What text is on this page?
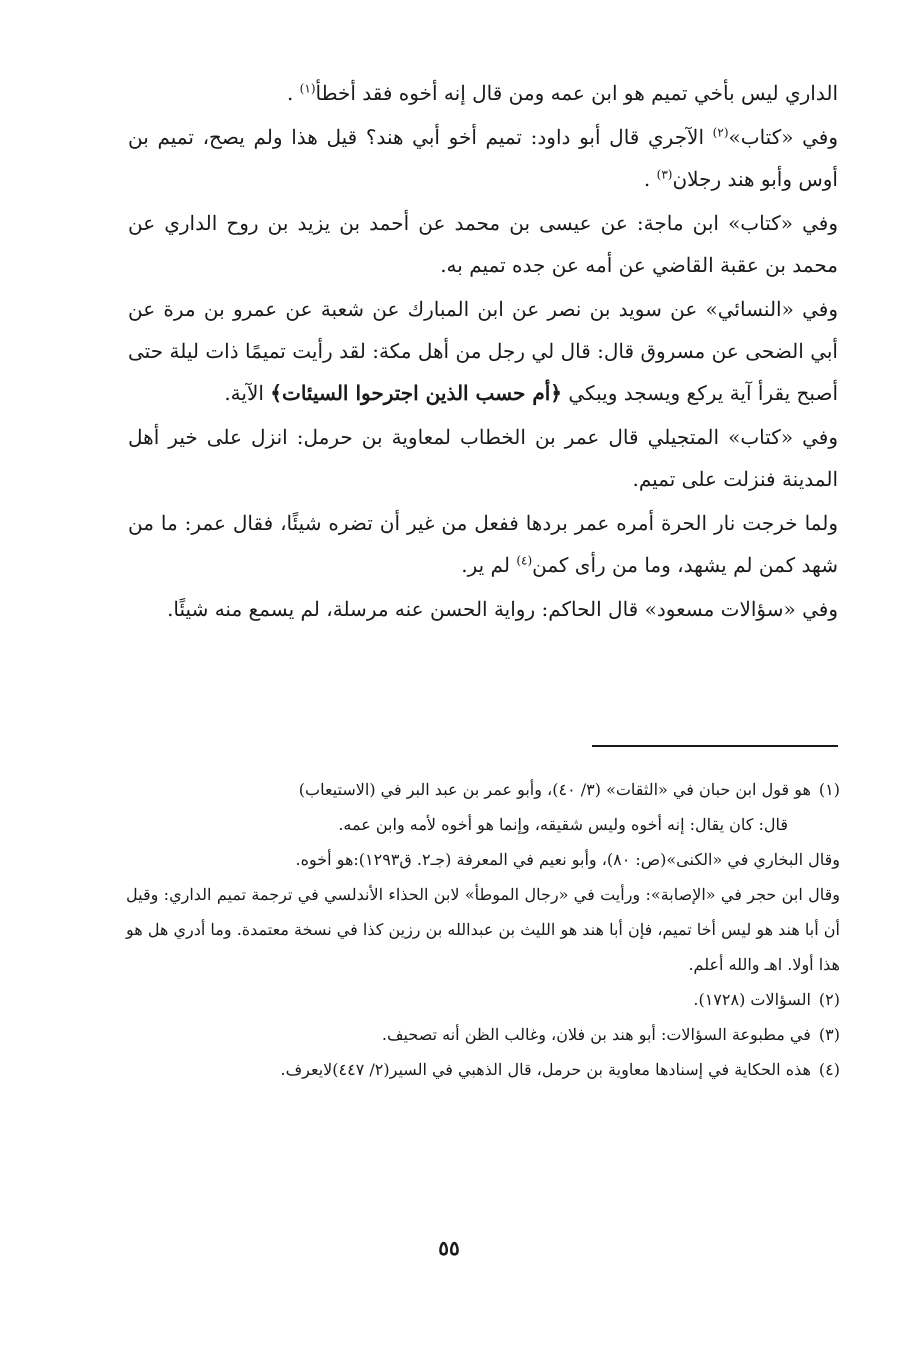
الداري ليس بأخي تميم هو ابن عمه ومن قال إنه أخوه فقد أخطأ$^{(١)}$ .

وفي «كتاب»$^{(٢)}$ الآجري قال أبو داود: تميم أخو أبي هند؟ قيل هذا ولم يصح، تميم بن أوس وأبو هند رجلان$^{(٣)}$ .

وفي «كتاب» ابن ماجة: عن عيسى بن محمد عن أحمد بن يزيد بن روح الداري عن محمد بن عقبة القاضي عن أمه عن جده تميم به.

وفي «النسائي» عن سويد بن نصر عن ابن المبارك عن شعبة عن عمرو بن مرة عن أبي الضحى عن مسروق قال: قال لي رجل من أهل مكة: لقد رأيت تميمًا ذات ليلة حتى أصبح يقرأ آية يركع ويسجد ويبكي ﴿أم حسب الذين اجترحوا السيئات﴾ الآية.

وفي «كتاب» المتجيلي قال عمر بن الخطاب لمعاوية بن حرمل: انزل على خير أهل المدينة فنزلت على تميم.

ولما خرجت نار الحرة أمره عمر بردها ففعل من غير أن تضره شيئًا، فقال عمر: ما من شهد كمن لم يشهد، وما من رأى كمن$^{(٤)}$ لم ير.

وفي «سؤالات مسعود» قال الحاكم: رواية الحسن عنه مرسلة، لم يسمع منه شيئًا.

(١)هو قول ابن حبان في «الثقات» (٣/ ٤٠)، وأبو عمر بن عبد البر في (الاستيعاب)

قال: كان يقال: إنه أخوه وليس شقيقه، وإنما هو أخوه لأمه وابن عمه.

وقال البخاري في «الكنى»(ص: ٨٠)، وأبو نعيم في المعرفة (جـ٢. ق١٢٩٣):هو أخوه.

وقال ابن حجر في «الإصابة»: ورأيت في «رجال الموطأ» لابن الحذاء الأندلسي في ترجمة تميم الداري: وقيل أن أبا هند هو ليس أخا تميم، فإن أبا هند هو الليث بن عبدالله بن رزين كذا في نسخة معتمدة. وما أدري هل هو هذا أولا. اهـ والله أعلم.

(٢)السؤالات (١٧٢٨).

(٣)في مطبوعة السؤالات: أبو هند بن فلان، وغالب الظن أنه تصحيف.

(٤)هذه الحكاية في إسنادها معاوية بن حرمل، قال الذهبي في السير(٢/ ٤٤٧)لايعرف.

٥٥
